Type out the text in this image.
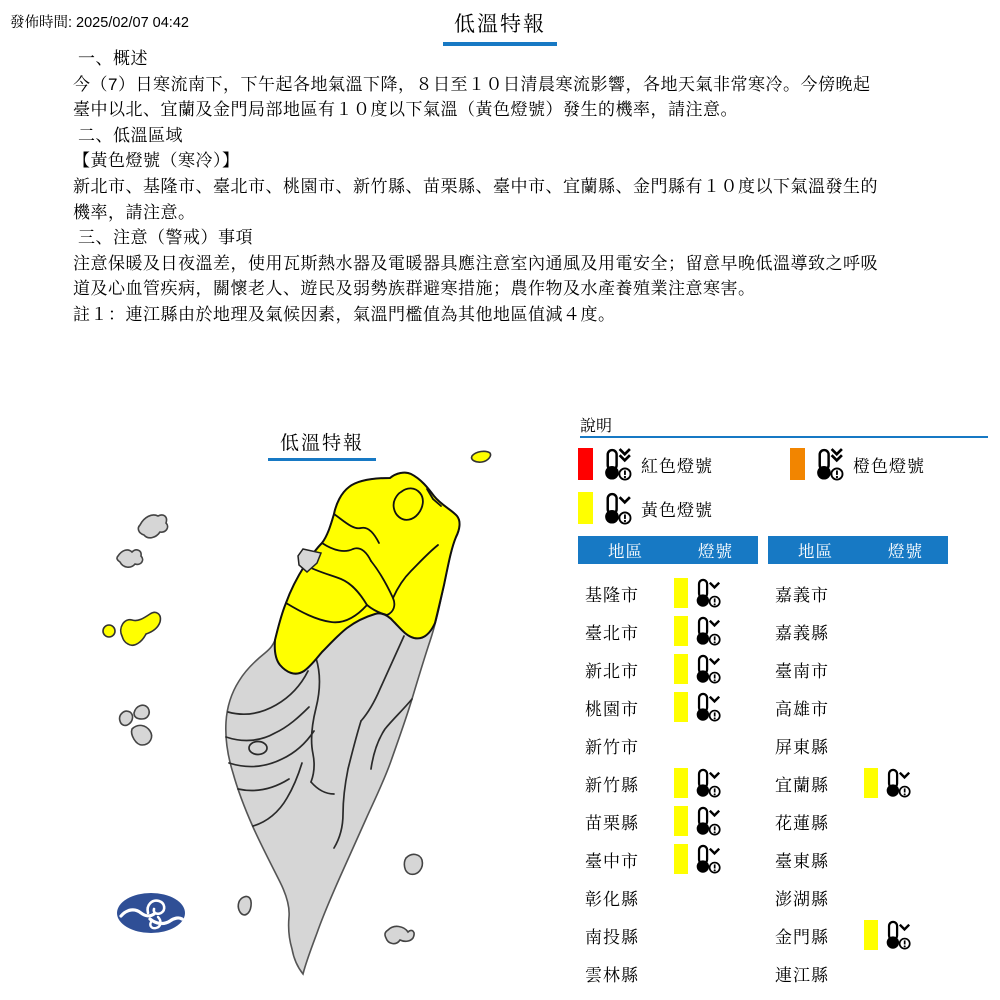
發佈時間: 2025/02/07 04:42	低溫特報
一、概述
今（7）日寒流南下，下午起各地氣溫下降，８日至１０日清晨寒流影響，各地天氣非常寒冷。今傍晚起
臺中以北、宜蘭及金門局部地區有１０度以下氣溫（黃色燈號）發生的機率，請注意。
二、低溫區域
【黃色燈號（寒冷）】
新北市、基隆市、臺北市、桃園市、新竹縣、苗栗縣、臺中市、宜蘭縣、金門縣有１０度以下氣溫發生的
機率，請注意。
三、注意（警戒）事項
注意保暖及日夜溫差，使用瓦斯熱水器及電暖器具應注意室內通風及用電安全；留意早晚低溫導致之呼吸
道及心血管疾病，關懷老人、遊民及弱勢族群避寒措施；農作物及水產養殖業注意寒害。
註１：連江縣由於地理及氣候因素，氣溫門檻值為其他地區值減４度。
低溫特報
說明
紅色燈號	橙色燈號
黃色燈號
地區	燈號
基隆市
臺北市
新北市
桃園市
新竹市
新竹縣
苗栗縣
臺中市
彰化縣
南投縣
雲林縣
地區	燈號
嘉義市
嘉義縣
臺南市
高雄市
屏東縣
宜蘭縣
花蓮縣
臺東縣
澎湖縣
金門縣
連江縣
